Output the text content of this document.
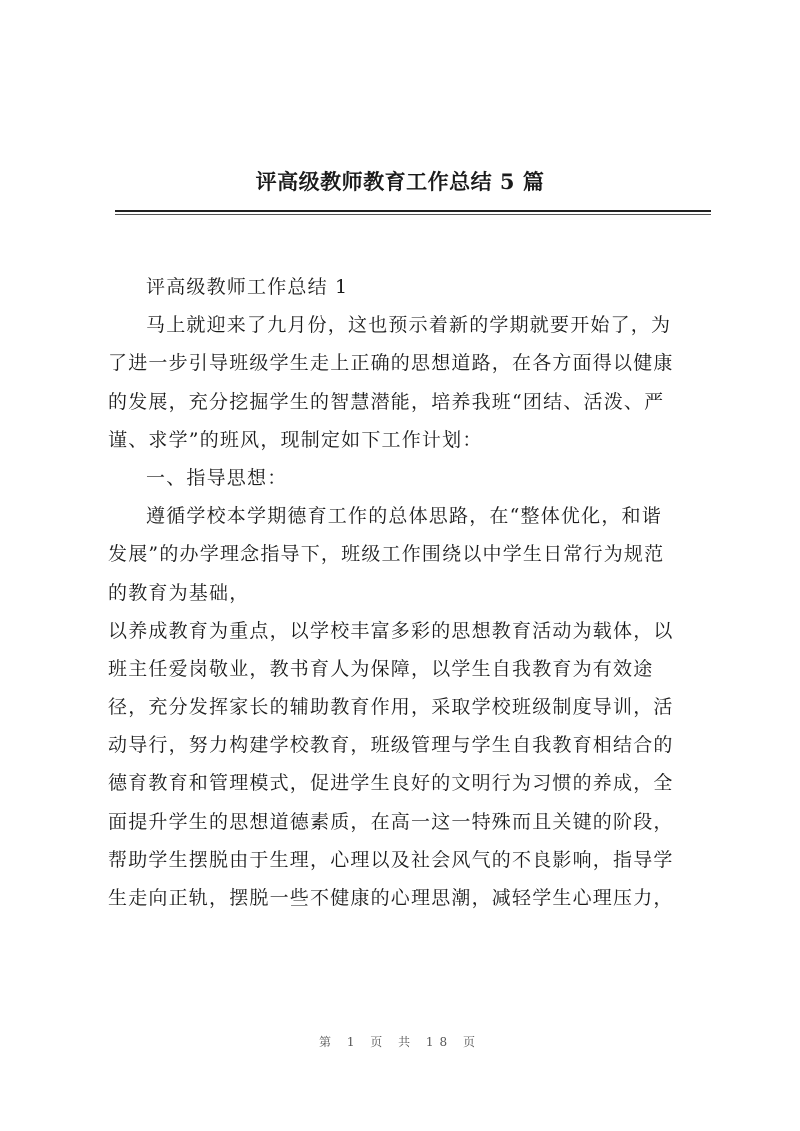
评高级教师教育工作总结 5 篇
评高级教师工作总结 1
马上就迎来了九月份，这也预示着新的学期就要开始了，为
了进一步引导班级学生走上正确的思想道路，在各方面得以健康
的发展，充分挖掘学生的智慧潜能，培养我班“团结、活泼、严
谨、求学”的班风，现制定如下工作计划：
一、指导思想：
遵循学校本学期德育工作的总体思路，在“整体优化，和谐
发展”的办学理念指导下，班级工作围绕以中学生日常行为规范
的教育为基础，
以养成教育为重点，以学校丰富多彩的思想教育活动为载体，以
班主任爱岗敬业，教书育人为保障，以学生自我教育为有效途
径，充分发挥家长的辅助教育作用，采取学校班级制度导训，活
动导行，努力构建学校教育，班级管理与学生自我教育相结合的
德育教育和管理模式，促进学生良好的文明行为习惯的养成，全
面提升学生的思想道德素质，在高一这一特殊而且关键的阶段，
帮助学生摆脱由于生理，心理以及社会风气的不良影响，指导学
生走向正轨，摆脱一些不健康的心理思潮，减轻学生心理压力，
第 1 页 共 18 页
